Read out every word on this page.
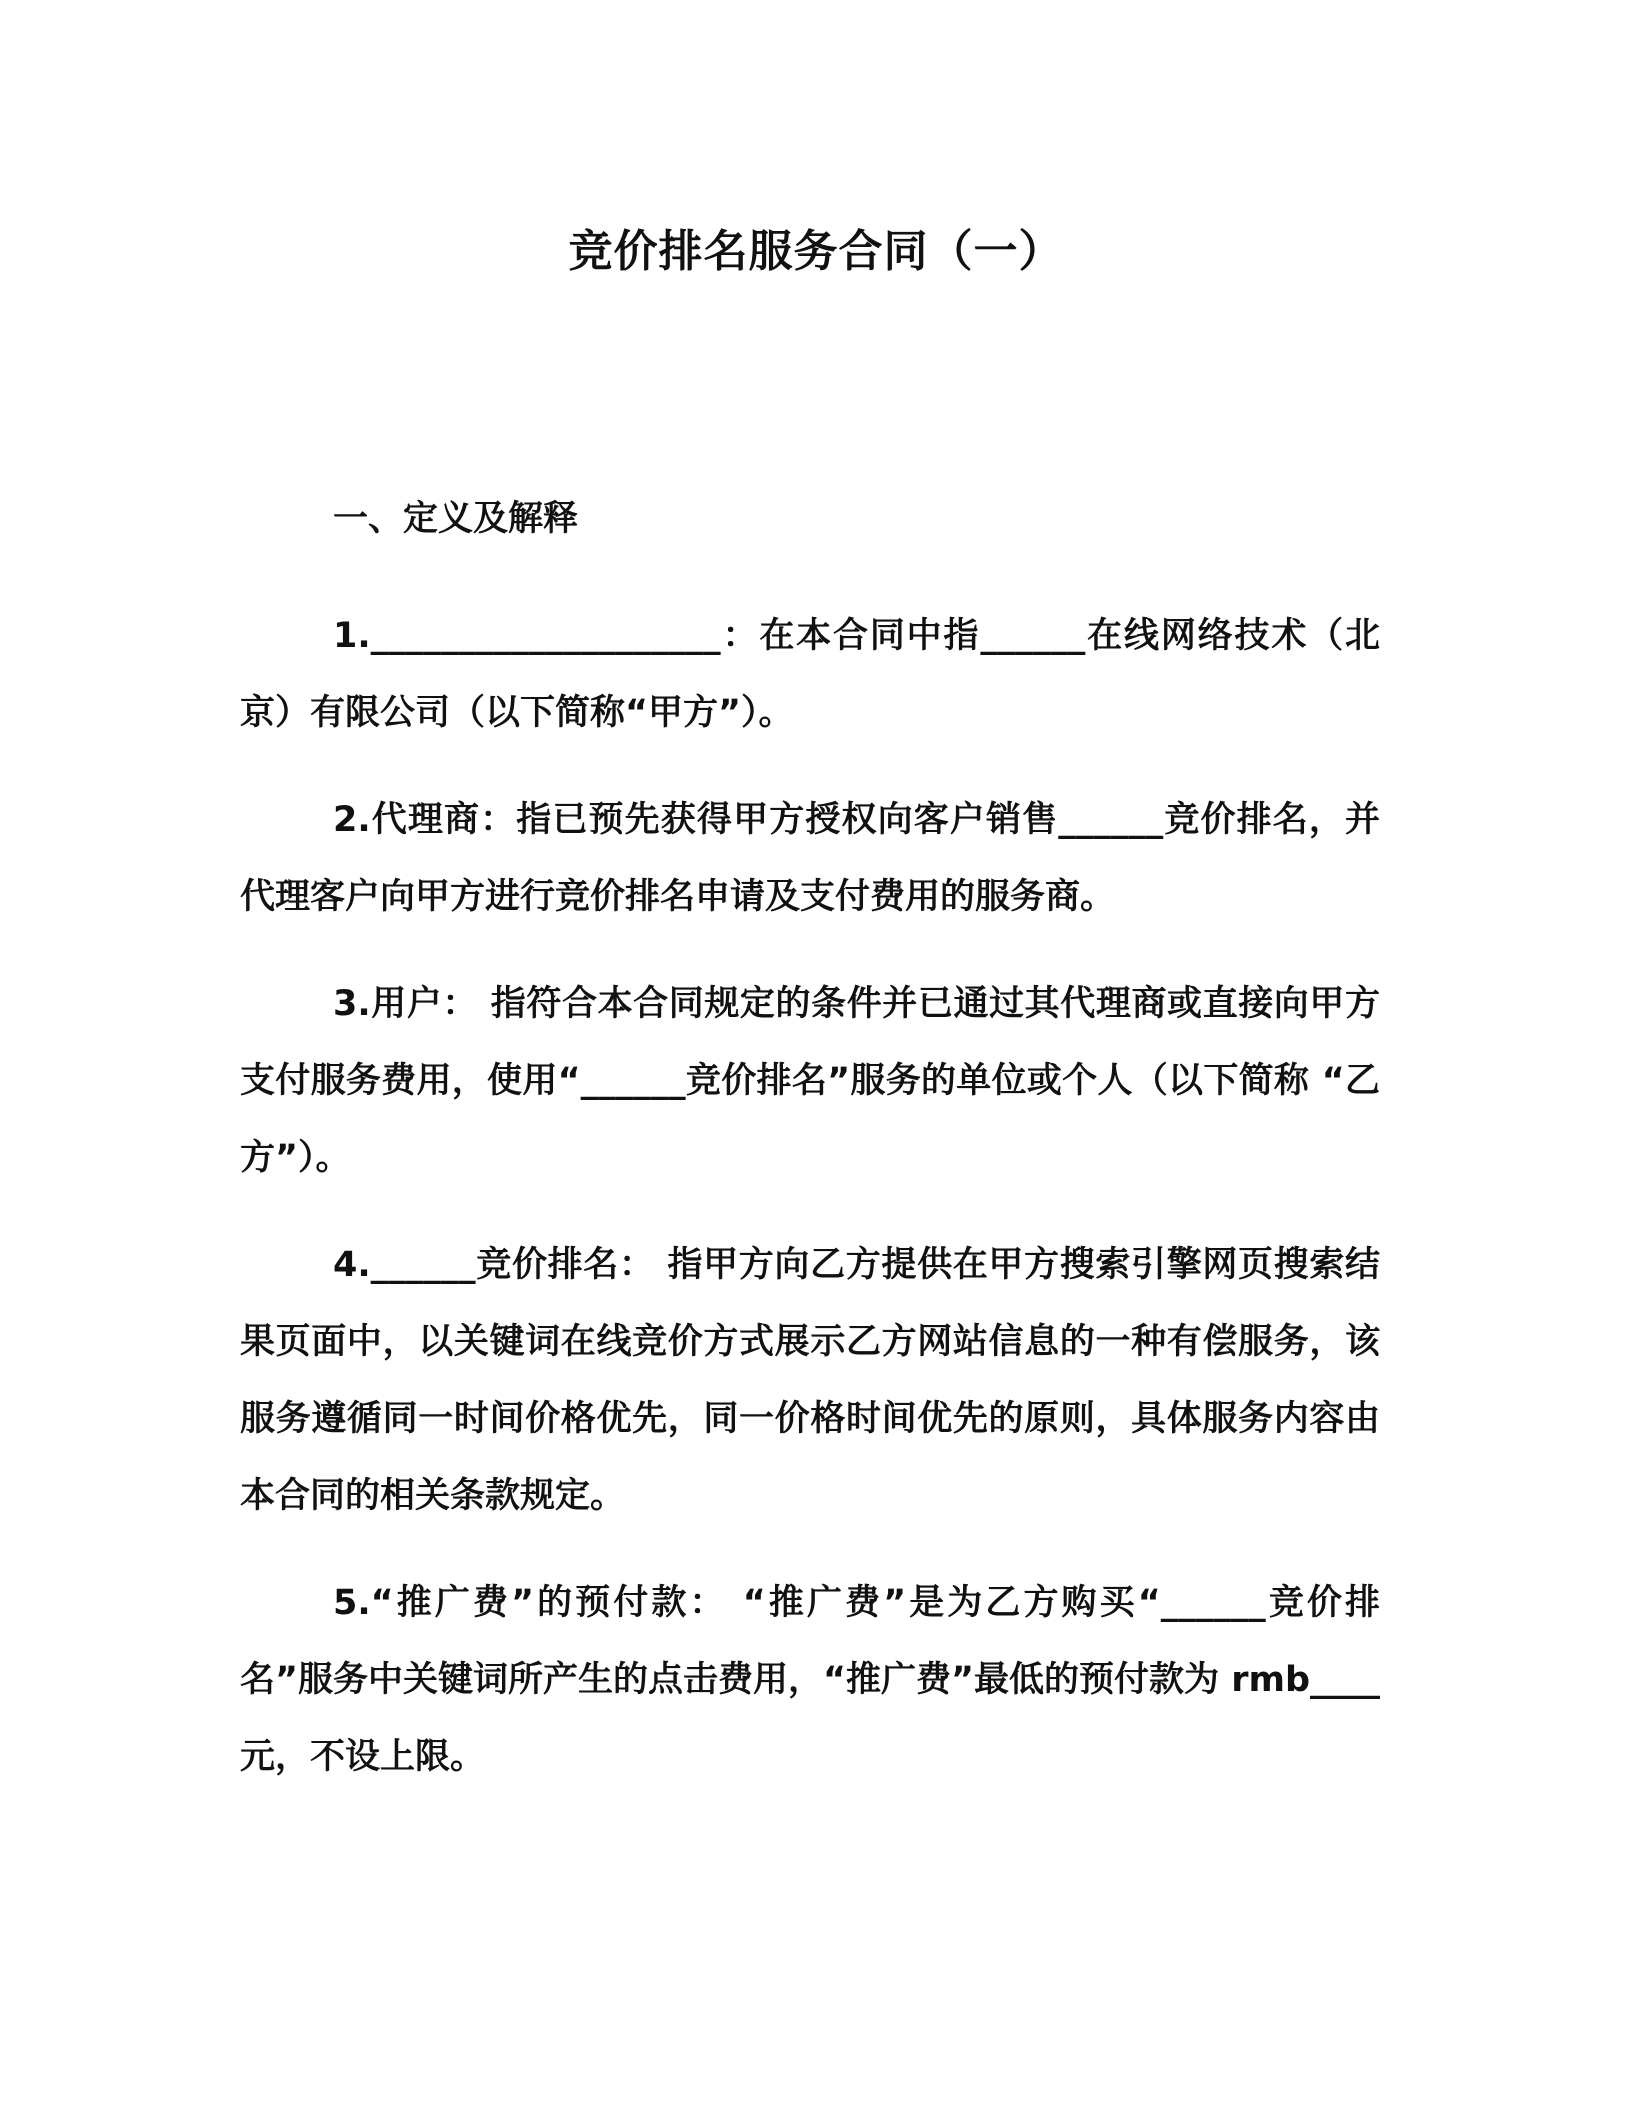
竞价排名服务合同（一）
一、定义及解释

1.____________________：在本合同中指______在线网络技术（北京）有限公司（以下简称“甲方”）。

2.代理商：指已预先获得甲方授权向客户销售______竞价排名，并代理客户向甲方进行竞价排名申请及支付费用的服务商。

3.用户： 指符合本合同规定的条件并已通过其代理商或直接向甲方支付服务费用，使用“______竞价排名”服务的单位或个人（以下简称 “乙方”）。

4.______竞价排名： 指甲方向乙方提供在甲方搜索引擎网页搜索结果页面中，以关键词在线竞价方式展示乙方网站信息的一种有偿服务，该服务遵循同一时间价格优先，同一价格时间优先的原则，具体服务内容由本合同的相关条款规定。

5.“推广费”的预付款： “推广费”是为乙方购买“______竞价排名”服务中关键词所产生的点击费用，“推广费”最低的预付款为 rmb____元，不设上限。
